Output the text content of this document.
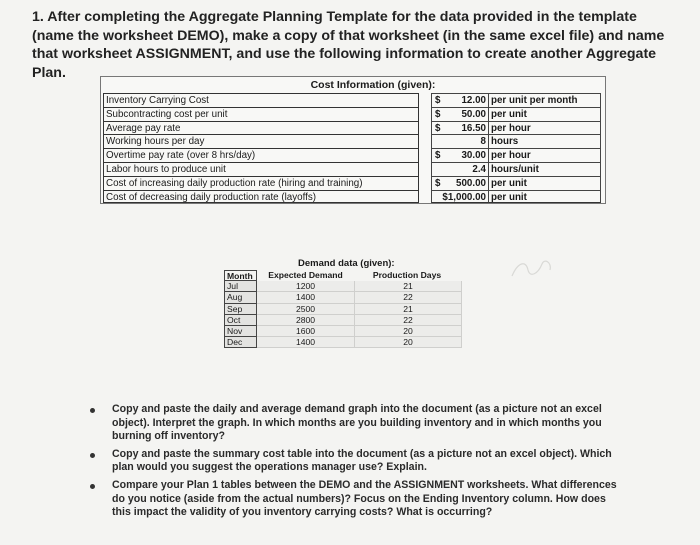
1. After completing the Aggregate Planning Template for the data provided in the template (name the worksheet DEMO), make a copy of that worksheet (in the same excel file) and name that worksheet ASSIGNMENT, and use the following information to create another Aggregate Plan.
Cost Information (given):
Inventory Carrying Cost	$ 12.00 per unit per month
Subcontracting cost per unit	$ 50.00 per unit
Average pay rate	$ 16.50 per hour
Working hours per day	8 hours
Overtime pay rate (over 8 hrs/day)	$ 30.00 per hour
Labor hours to produce unit	2.4 hours/unit
Cost of increasing daily production rate (hiring and training)	$ 500.00 per unit
Cost of decreasing daily production rate (layoffs)	$1,000.00 per unit
Demand data (given):
Month	Expected Demand	Production Days
Jul	1200	21
Aug	1400	22
Sep	2500	21
Oct	2800	22
Nov	1600	20
Dec	1400	20
Copy and paste the daily and average demand graph into the document (as a picture not an excel object). Interpret the graph. In which months are you building inventory and in which months you burning off inventory?
Copy and paste the summary cost table into the document (as a picture not an excel object). Which plan would you suggest the operations manager use? Explain.
Compare your Plan 1 tables between the DEMO and the ASSIGNMENT worksheets. What differences do you notice (aside from the actual numbers)? Focus on the Ending Inventory column. How does this impact the validity of you inventory carrying costs? What is occurring?
